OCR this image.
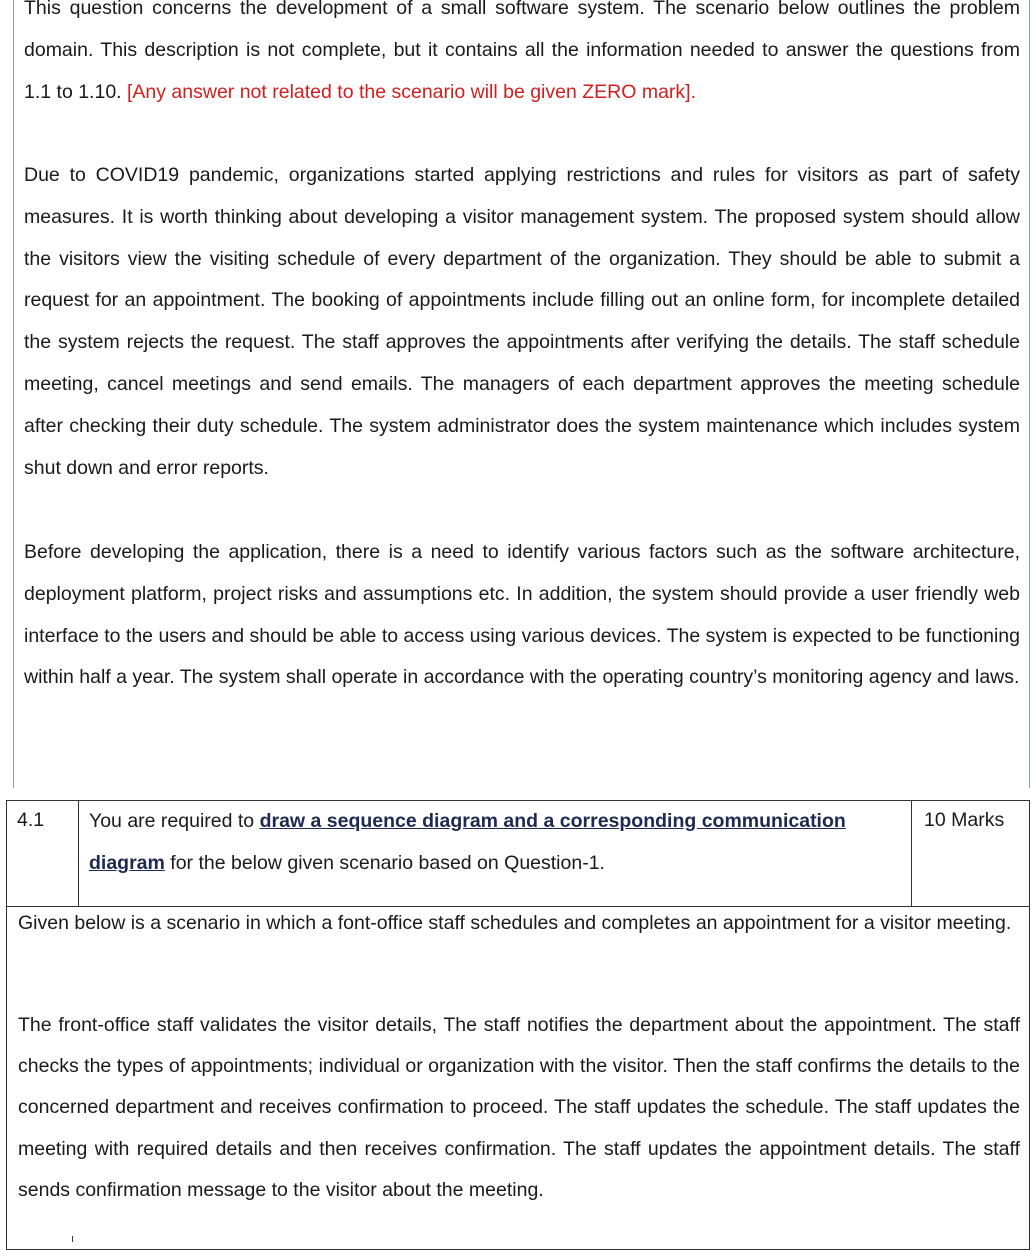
This question concerns the development of a small software system. The scenario below outlines the problem domain. This description is not complete, but it contains all the information needed to answer the questions from 1.1 to 1.10. [Any answer not related to the scenario will be given ZERO mark].

Due to COVID19 pandemic, organizations started applying restrictions and rules for visitors as part of safety measures. It is worth thinking about developing a visitor management system. The proposed system should allow the visitors view the visiting schedule of every department of the organization. They should be able to submit a request for an appointment. The booking of appointments include filling out an online form, for incomplete detailed the system rejects the request. The staff approves the appointments after verifying the details. The staff schedule meeting, cancel meetings and send emails. The managers of each department approves the meeting schedule after checking their duty schedule. The system administrator does the system maintenance which includes system shut down and error reports.

Before developing the application, there is a need to identify various factors such as the software architecture, deployment platform, project risks and assumptions etc. In addition, the system should provide a user friendly web interface to the users and should be able to access using various devices. The system is expected to be functioning within half a year. The system shall operate in accordance with the operating country’s monitoring agency and laws.

4.1	You are required to draw a sequence diagram and a corresponding communication diagram for the below given scenario based on Question-1.
10 Marks

Given below is a scenario in which a font-office staff schedules and completes an appointment for a visitor meeting.

The front-office staff validates the visitor details, The staff notifies the department about the appointment. The staff checks the types of appointments; individual or organization with the visitor. Then the staff confirms the details to the concerned department and receives confirmation to proceed. The staff updates the schedule. The staff updates the meeting with required details and then receives confirmation. The staff updates the appointment details. The staff sends confirmation message to the visitor about the meeting.
